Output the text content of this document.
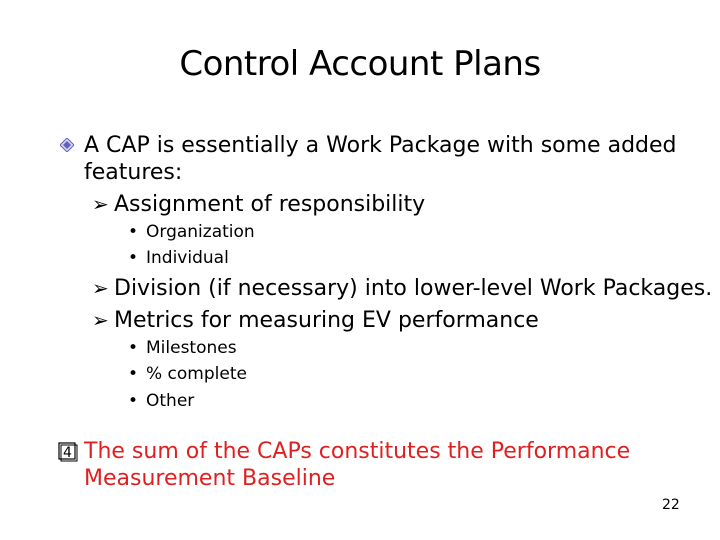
Control Account Plans
A CAP is essentially a Work Package with some added features:
➢ Assignment of responsibility
• Organization
• Individual
➢ Division (if necessary) into lower-level Work Packages.
➢ Metrics for measuring EV performance
• Milestones
• % complete
• Other
4 The sum of the CAPs constitutes the Performance Measurement Baseline
22
